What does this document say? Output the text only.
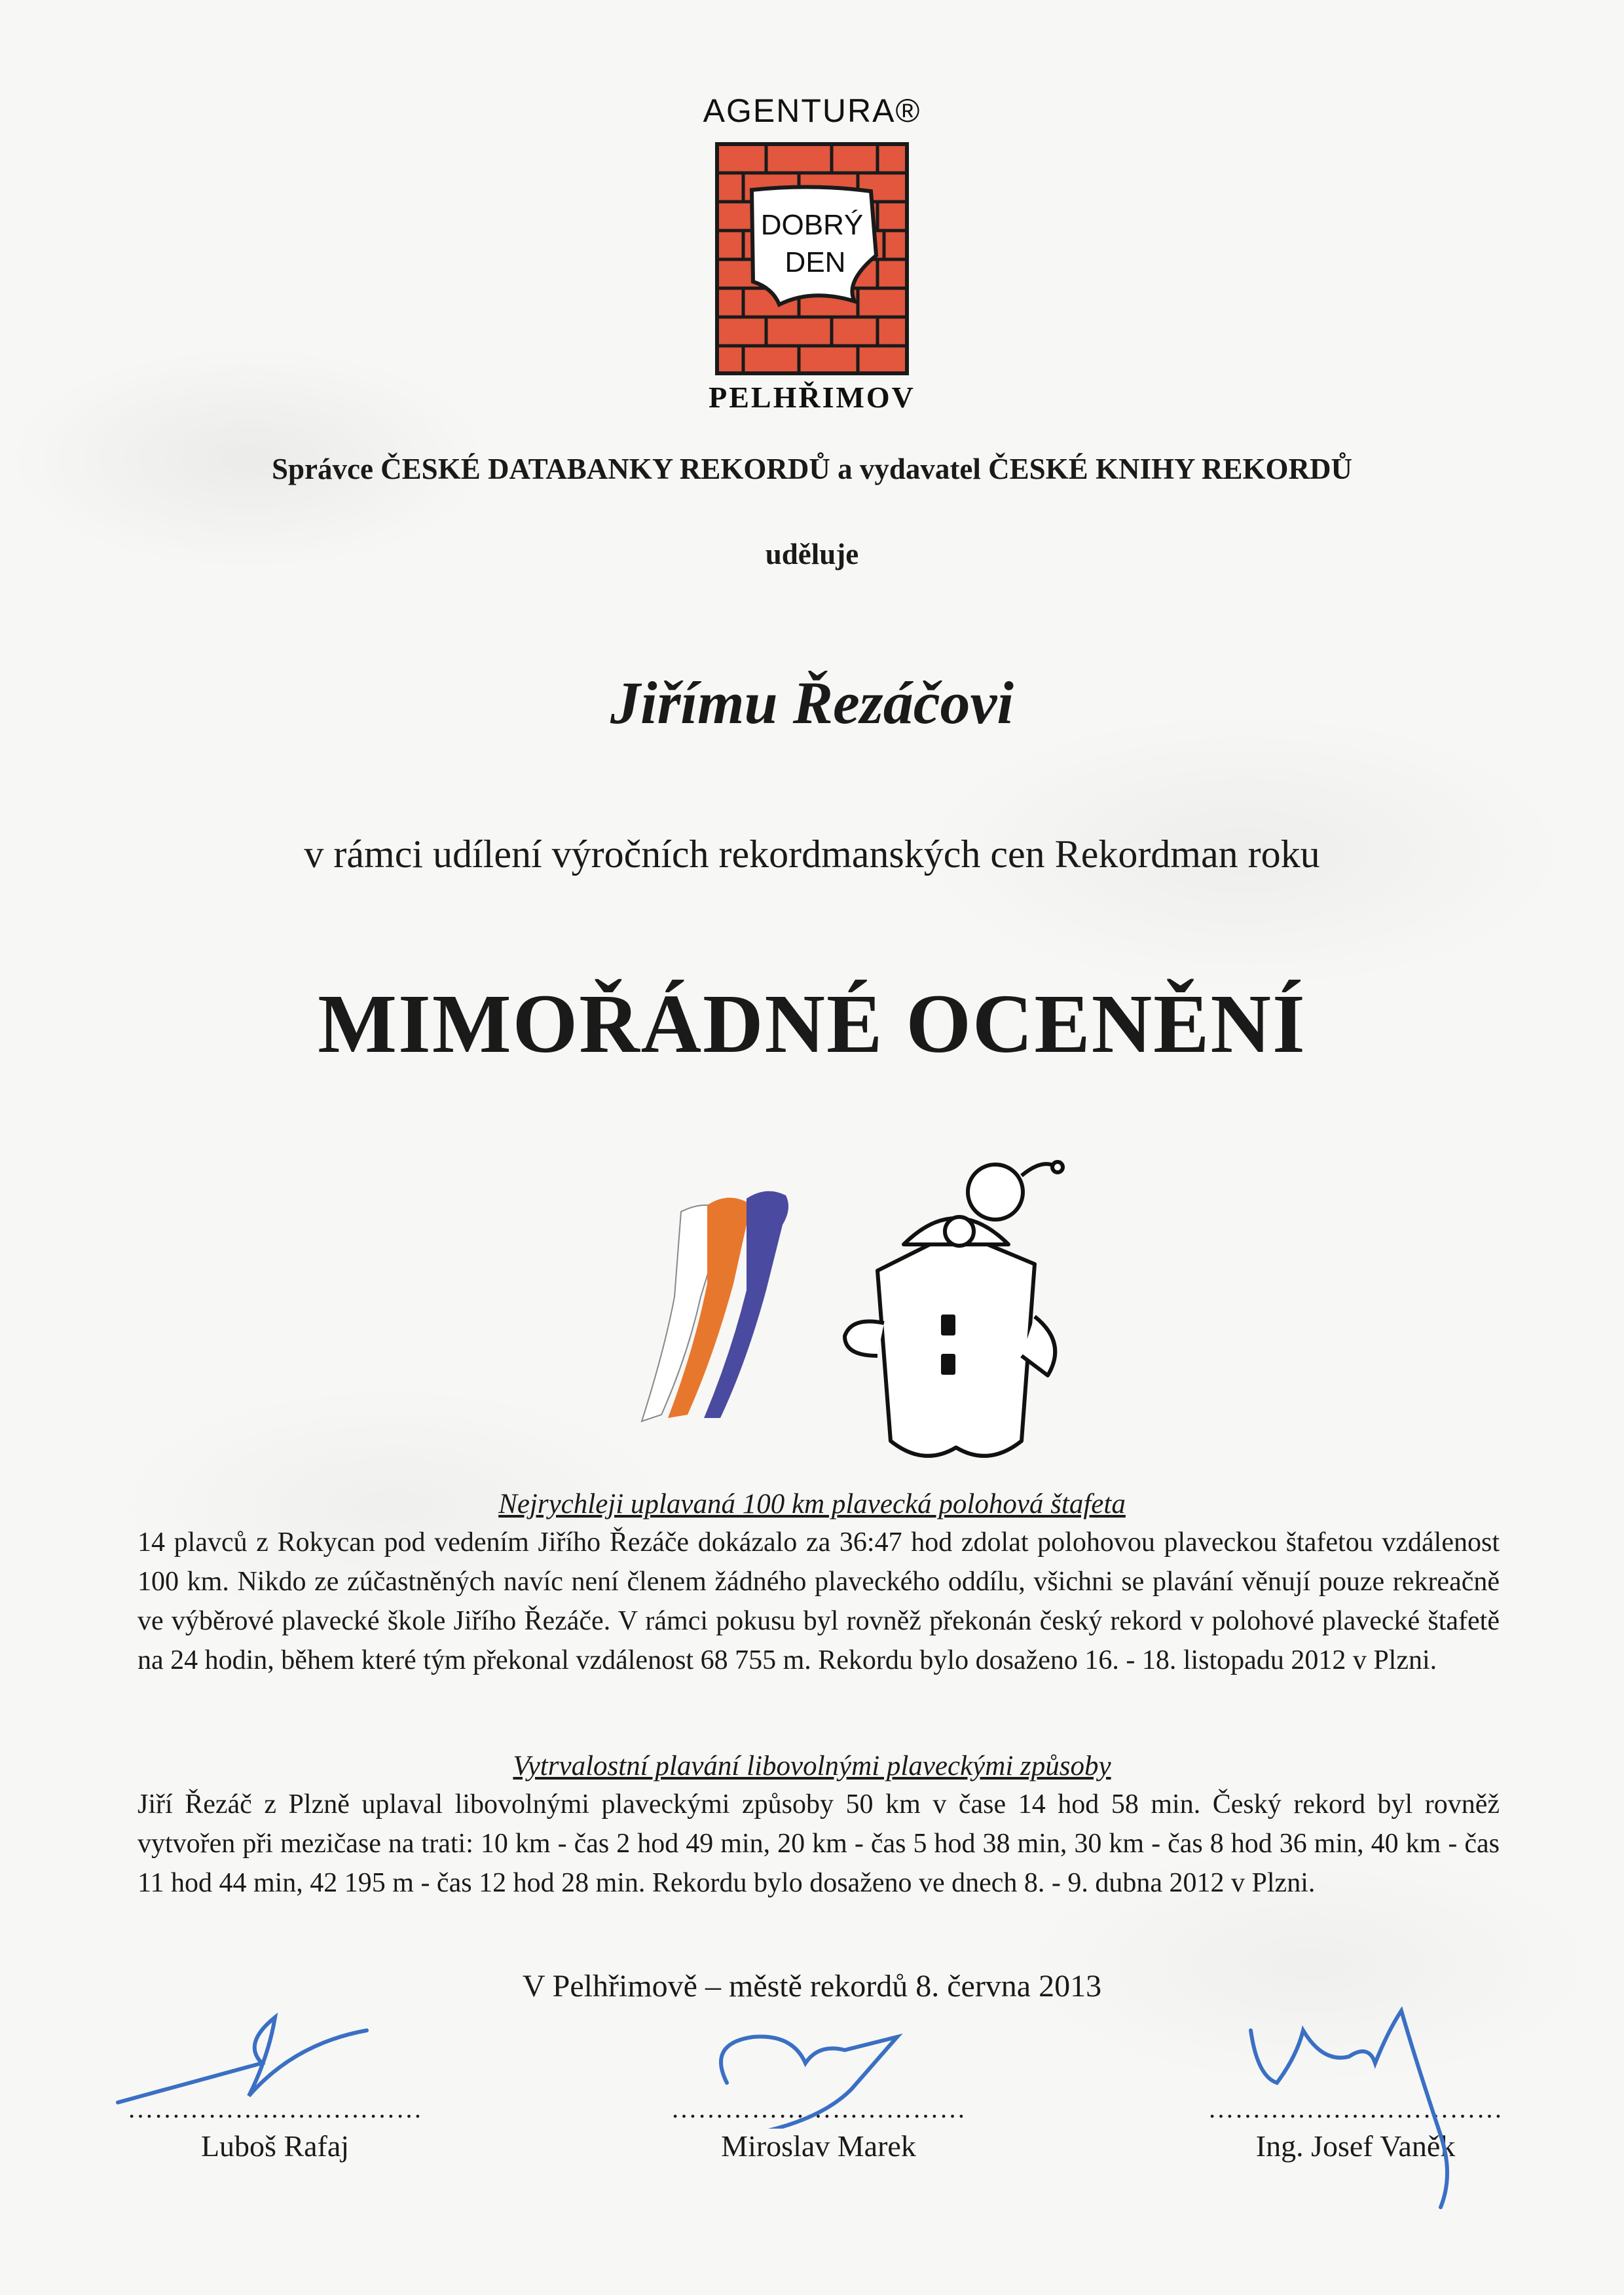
AGENTURA®
DOBRÝ
DEN
PELHŘIMOV
Správce ČESKÉ DATABANKY REKORDŮ a vydavatel ČESKÉ KNIHY REKORDŮ
uděluje
Jiřímu Řezáčovi
v rámci udílení výročních rekordmanských cen Rekordman roku
MIMOŘÁDNÉ OCENĚNÍ
Nejrychleji uplavaná 100 km plavecká polohová štafeta
14 plavců z Rokycan pod vedením Jiřího Řezáče dokázalo za 36:47 hod zdolat polohovou plaveckou štafetou vzdálenost 100 km. Nikdo ze zúčastněných navíc není členem žádného plaveckého oddílu, všichni se plavání věnují pouze rekreačně ve výběrové plavecké škole Jiřího Řezáče. V rámci pokusu byl rovněž překonán český rekord v polohové plavecké štafetě na 24 hodin, během které tým překonal vzdálenost 68 755 m. Rekordu bylo dosaženo 16. - 18. listopadu 2012 v Plzni.
Vytrvalostní plavání libovolnými plaveckými způsoby
Jiří Řezáč z Plzně uplaval libovolnými plaveckými způsoby 50 km v čase 14 hod 58 min. Český rekord byl rovněž vytvořen při mezičase na trati: 10 km - čas 2 hod 49 min, 20 km - čas 5 hod 38 min, 30 km - čas 8 hod 36 min, 40 km - čas 11 hod 44 min, 42 195 m - čas 12 hod 28 min. Rekordu bylo dosaženo ve dnech 8. - 9. dubna 2012 v Plzni.
V Pelhřimově – městě rekordů 8. června 2013
……………………………
Luboš Rafaj
……………………………
Miroslav Marek
……………………………
Ing. Josef Vaněk
